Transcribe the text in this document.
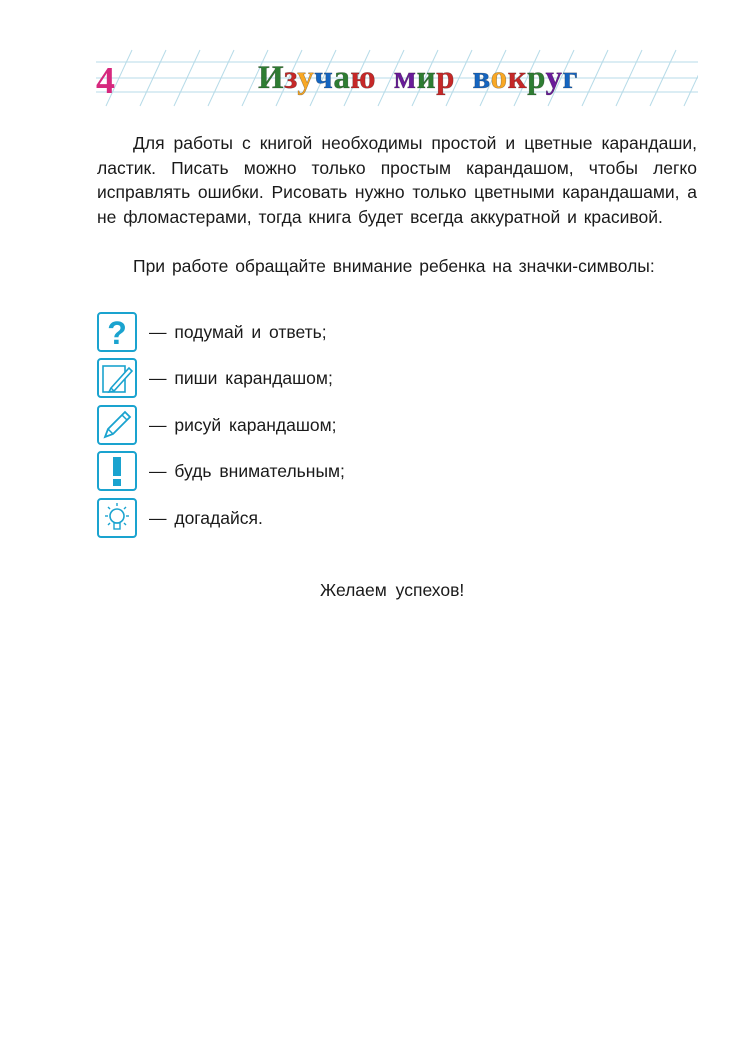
4	Изучаю мир вокруг

Для работы с книгой необходимы простой и цветные карандаши, ластик. Писать можно только простым карандашом, чтобы легко исправлять ошибки. Рисовать нужно только цветными карандашами, а не фломастерами, тогда книга будет всегда аккуратной и красивой.

При работе обращайте внимание ребенка на значки-символы:

? — подумай и ответь;
— пиши карандашом;
— рисуй карандашом;
— будь внимательным;
— догадайся.
Желаем успехов!
